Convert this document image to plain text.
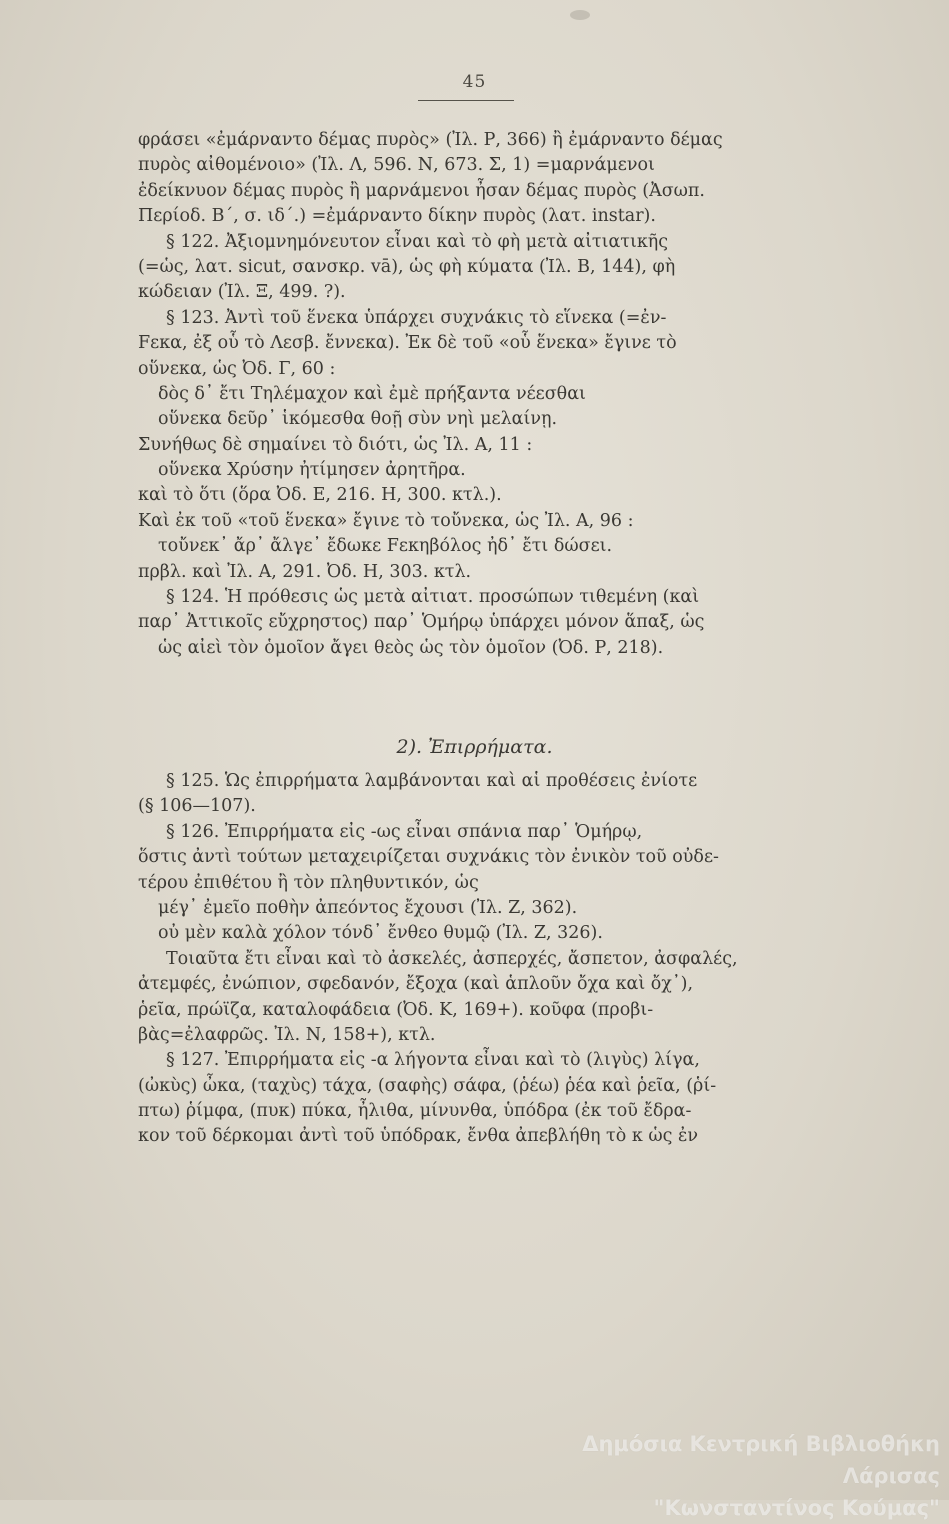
45
φράσει «ἐμάρναντο δέμας πυρὸς» (Ἰλ. Ρ, 366) ἢ ἐμάρναντο δέμας
πυρὸς αἰθομένοιο» (Ἰλ. Λ, 596. Ν, 673. Σ, 1) =μαρνάμενοι
ἐδείκνυον δέμας πυρὸς ἢ μαρνάμενοι ἦσαν δέμας πυρὸς (Ἀσωπ.
Περίοδ. Β΄, σ. ιδ΄.) =ἐμάρναντο δίκην πυρὸς (λατ. instar).
§ 122. Ἀξιομνημόνευτον εἶναι καὶ τὸ φὴ μετὰ αἰτιατικῆς
(=ὡς, λατ. sicut, σανσκρ. vā), ὡς φὴ κύματα (Ἰλ. Β, 144), φὴ
κώδειαν (Ἰλ. Ξ, 499. ?).
§ 123. Ἀντὶ τοῦ ἕνεκα ὑπάρχει συχνάκις τὸ εἵνεκα (=ἐν-
Fεκα, ἐξ οὗ τὸ Λεσβ. ἔννεκα). Ἐκ δὲ τοῦ «οὗ ἕνεκα» ἔγινε τὸ
οὕνεκα, ὡς Ὀδ. Γ, 60 :
δὸς δ᾽ ἔτι Τηλέμαχον καὶ ἐμὲ πρήξαντα νέεσθαι
οὕνεκα δεῦρ᾽ ἱκόμεσθα θοῇ σὺν νηὶ μελαίνῃ.
Συνήθως δὲ σημαίνει τὸ διότι, ὡς Ἰλ. Α, 11 :
οὕνεκα Χρύσην ἠτίμησεν ἀρητῆρα.
καὶ τὸ ὅτι (ὅρα Ὀδ. Ε, 216. Η, 300. κτλ.).
Καὶ ἐκ τοῦ «τοῦ ἕνεκα» ἔγινε τὸ τοὔνεκα, ὡς Ἰλ. Α, 96 :
τοὔνεκ᾽ ἄρ᾽ ἄλγε᾽ ἔδωκε Fεκηβόλος ἠδ᾽ ἔτι δώσει.
πρβλ. καὶ Ἰλ. Α, 291. Ὀδ. Η, 303. κτλ.
§ 124. Ἡ πρόθεσις ὡς μετὰ αἰτιατ. προσώπων τιθεμένη (καὶ
παρ᾽ Ἀττικοῖς εὔχρηστος) παρ᾽ Ὁμήρῳ ὑπάρχει μόνον ἅπαξ, ὡς
ὡς αἰεὶ τὸν ὁμοῖον ἄγει θεὸς ὡς τὸν ὁμοῖον (Ὀδ. Ρ, 218).
2). Ἐπιρρήματα.
§ 125. Ὡς ἐπιρρήματα λαμβάνονται καὶ αἱ προθέσεις ἐνίοτε
(§ 106—107).
§ 126. Ἐπιρρήματα εἰς -ως εἶναι σπάνια παρ᾽ Ὁμήρῳ,
ὅστις ἀντὶ τούτων μεταχειρίζεται συχνάκις τὸν ἐνικὸν τοῦ οὐδε-
τέρου ἐπιθέτου ἢ τὸν πληθυντικόν, ὡς
μέγ᾽ ἐμεῖο ποθὴν ἀπεόντος ἔχουσι (Ἰλ. Ζ, 362).
οὐ μὲν καλὰ χόλον τόνδ᾽ ἔνθεο θυμῷ (Ἰλ. Ζ, 326).
Τοιαῦτα ἔτι εἶναι καὶ τὸ ἀσκελές, ἀσπερχές, ἄσπετον, ἀσφαλές,
ἀτεμφές, ἐνώπιον, σφεδανόν, ἔξοχα (καὶ ἁπλοῦν ὄχα καὶ ὄχ᾽),
ῥεῖα, πρώϊζα, καταλοφάδεια (Ὀδ. Κ, 169+). κοῦφα (προβι-
βὰς=ἐλαφρῶς. Ἰλ. Ν, 158+), κτλ.
§ 127. Ἐπιρρήματα εἰς -α λήγοντα εἶναι καὶ τὸ (λιγὺς) λίγα,
(ὠκὺς) ὦκα, (ταχὺς) τάχα, (σαφὴς) σάφα, (ῥέω) ῥέα καὶ ῥεῖα, (ῥί-
πτω) ῥίμφα, (πυκ) πύκα, ἦλιθα, μίνυνθα, ὑπόδρα (ἐκ τοῦ ἔδρα-
κον τοῦ δέρκομαι ἀντὶ τοῦ ὑπόδρακ, ἔνθα ἀπεβλήθη τὸ κ ὡς ἐν
Δημόσια Κεντρική Βιβλιοθήκη Λάρισας
"Κωνσταντίνος Κούμας"
